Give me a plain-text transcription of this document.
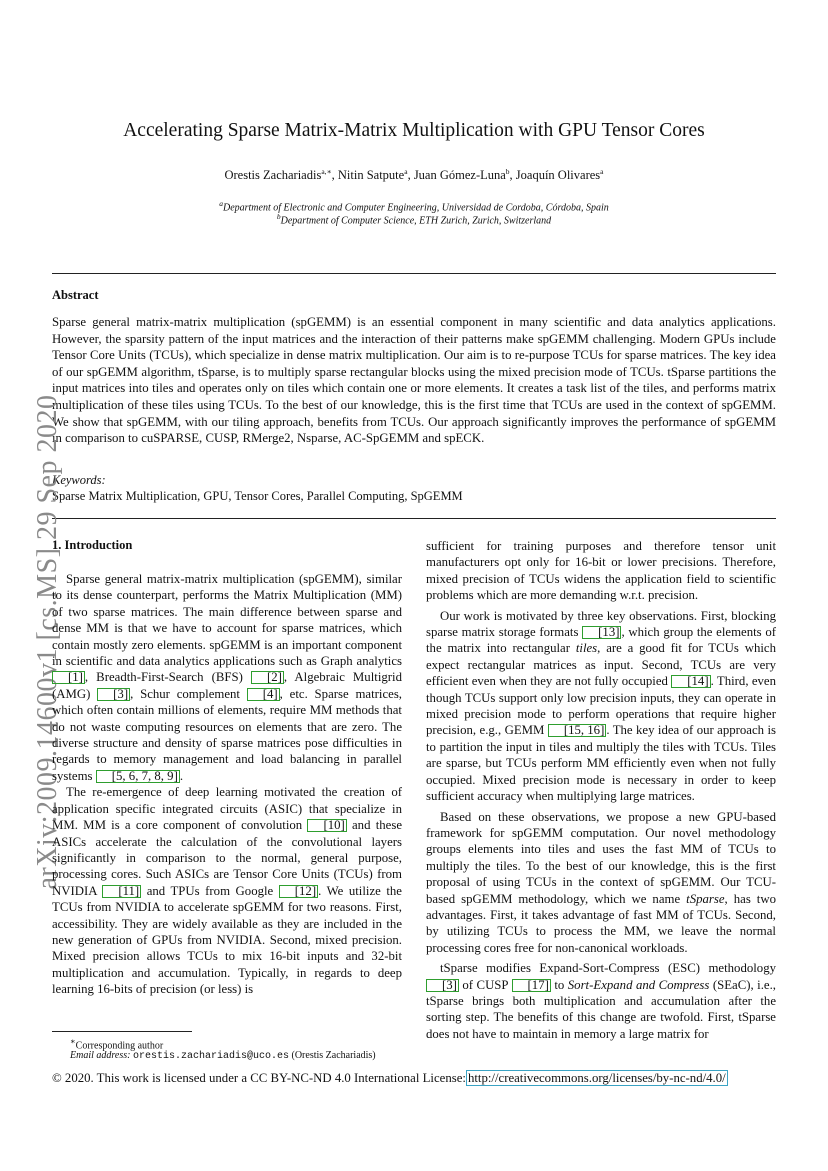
Accelerating Sparse Matrix-Matrix Multiplication with GPU Tensor Cores
Orestis Zachariadis$^{a,∗}$, Nitin Satpute$^a$, Juan Gómez-Luna$^b$, Joaquín Olivares$^a$
$^a$Department of Electronic and Computer Engineering, Universidad de Cordoba, Córdoba, Spain
$^b$Department of Computer Science, ETH Zurich, Zurich, Switzerland
Abstract
Sparse general matrix-matrix multiplication (spGEMM) is an essential component in many scientific and data analytics applications. However, the sparsity pattern of the input matrices and the interaction of their patterns make spGEMM challenging. Modern GPUs include Tensor Core Units (TCUs), which specialize in dense matrix multiplication. Our aim is to re-purpose TCUs for sparse matrices. The key idea of our spGEMM algorithm, tSparse, is to multiply sparse rectangular blocks using the mixed precision mode of TCUs. tSparse partitions the input matrices into tiles and operates only on tiles which contain one or more elements. It creates a task list of the tiles, and performs matrix multiplication of these tiles using TCUs. To the best of our knowledge, this is the first time that TCUs are used in the context of spGEMM. We show that spGEMM, with our tiling approach, benefits from TCUs. Our approach significantly improves the performance of spGEMM in comparison to cuSPARSE, CUSP, RMerge2, Nsparse, AC-SpGEMM and spECK.
Keywords:
Sparse Matrix Multiplication, GPU, Tensor Cores, Parallel Computing, SpGEMM
arXiv:2009.14600v1 [cs.MS] 29 Sep 2020
1. Introduction

Sparse general matrix-matrix multiplication (spGEMM), similar to its dense counterpart, performs the Matrix Multiplication (MM) of two sparse matrices. The main difference between sparse and dense MM is that we have to account for sparse matrices, which contain mostly zero elements. spGEMM is an important component in scientific and data analytics applications such as Graph analytics [1] , Breadth-First-Search (BFS) [2] , Algebraic Multigrid (AMG) [3] , Schur complement [4] , etc. Sparse matrices, which often contain millions of elements, require MM methods that do not waste computing resources on elements that are zero. The diverse structure and density of sparse matrices pose difficulties in regards to memory management and load balancing in parallel systems [5, 6, 7, 8, 9] .

The re-emergence of deep learning motivated the creation of application specific integrated circuits (ASIC) that specialize in MM. MM is a core component of convolution [10] and these ASICs accelerate the calculation of the convolutional layers significantly in comparison to the normal, general purpose, processing cores. Such ASICs are Tensor Core Units (TCUs) from NVIDIA [11] and TPUs from Google [12] . We utilize the TCUs from NVIDIA to accelerate spGEMM for two reasons. First, accessibility. They are widely available as they are included in the new generation of GPUs from NVIDIA. Second, mixed precision. Mixed precision allows TCUs to mix 16-bit inputs and 32-bit multiplication and accumulation. Typically, in regards to deep learning 16-bits of precision (or less) is

sufficient for training purposes and therefore tensor unit manufacturers opt only for 16-bit or lower precisions. Therefore, mixed precision of TCUs widens the application field to scientific problems which are more demanding w.r.t. precision.

Our work is motivated by three key observations. First, blocking sparse matrix storage formats [13] , which group the elements of the matrix into rectangular tiles, are a good fit for TCUs which expect rectangular matrices as input. Second, TCUs are very efficient even when they are not fully occupied [14] . Third, even though TCUs support only low precision inputs, they can operate in mixed precision mode to perform operations that require higher precision, e.g., GEMM [15, 16] . The key idea of our approach is to partition the input in tiles and multiply the tiles with TCUs. Tiles are sparse, but TCUs perform MM efficiently even when not fully occupied. Mixed precision mode is necessary in order to keep sufficient accuracy when multiplying large matrices.

Based on these observations, we propose a new GPU-based framework for spGEMM computation. Our novel methodology groups elements into tiles and uses the fast MM of TCUs to multiply the tiles. To the best of our knowledge, this is the first proposal of using TCUs in the context of spGEMM. Our TCU-based spGEMM methodology, which we name tSparse, has two advantages. First, it takes advantage of fast MM of TCUs. Second, by utilizing TCUs to process the MM, we leave the normal processing cores free for non-canonical workloads.

tSparse modifies Expand-Sort-Compress (ESC) methodology [3] of CUSP [17] to Sort-Expand and Compress (SEaC), i.e., tSparse brings both multiplication and accumulation after the sorting step. The benefits of this change are twofold. First, tSparse does not have to maintain in memory a large matrix for

∗Corresponding author
Email address: orestis.zachariadis@uco.es (Orestis Zachariadis)
© 2020. This work is licensed under a CC BY-NC-ND 4.0 International License: http://creativecommons.org/licenses/by-nc-nd/4.0/
